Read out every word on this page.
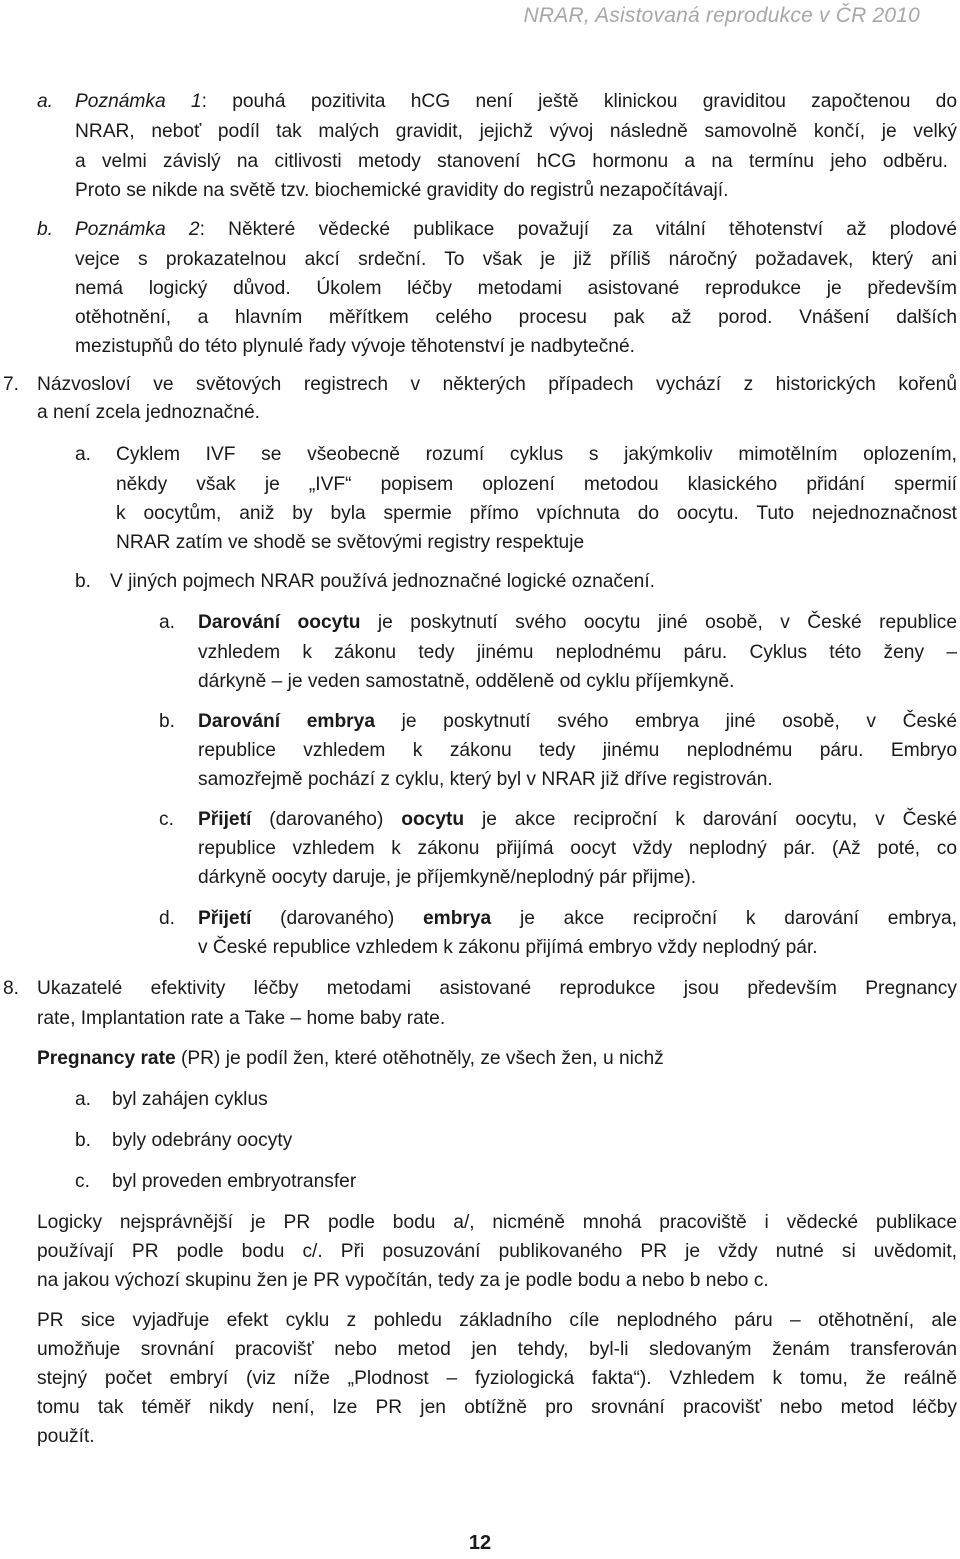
NRAR, Asistovaná reprodukce v ČR 2010
a. Poznámka 1: pouhá pozitivita hCG není ještě klinickou graviditou započtenou do
NRAR, neboť podíl tak malých gravidit, jejichž vývoj následně samovolně končí, je velký
a velmi závislý na citlivosti metody stanovení hCG hormonu a na termínu jeho odběru.
Proto se nikde na světě tzv. biochemické gravidity do registrů nezapočítávají.
b. Poznámka 2: Některé vědecké publikace považují za vitální těhotenství až plodové
vejce s prokazatelnou akcí srdeční. To však je již příliš náročný požadavek, který ani
nemá logický důvod. Úkolem léčby metodami asistované reprodukce je především
otěhotnění, a hlavním měřítkem celého procesu pak až porod. Vnášení dalších
mezistupňů do této plynulé řady vývoje těhotenství je nadbytečné.
7. Názvosloví ve světových registrech v některých případech vychází z historických kořenů
a není zcela jednoznačné.
a. Cyklem IVF se všeobecně rozumí cyklus s jakýmkoliv mimotělním oplozením,
někdy však je „IVF“ popisem oplození metodou klasického přidání spermií
k oocytům, aniž by byla spermie přímo vpíchnuta do oocytu. Tuto nejednoznačnost
NRAR zatím ve shodě se světovými registry respektuje
b. V jiných pojmech NRAR používá jednoznačné logické označení.
a. Darování oocytu je poskytnutí svého oocytu jiné osobě, v České republice
vzhledem k zákonu tedy jinému neplodnému páru. Cyklus této ženy –
dárkyně – je veden samostatně, odděleně od cyklu příjemkyně.
b. Darování embrya je poskytnutí svého embrya jiné osobě, v České
republice vzhledem k zákonu tedy jinému neplodnému páru. Embryo
samozřejmě pochází z cyklu, který byl v NRAR již dříve registrován.
c. Přijetí (darovaného) oocytu je akce reciproční k darování oocytu, v České
republice vzhledem k zákonu přijímá oocyt vždy neplodný pár. (Až poté, co
dárkyně oocyty daruje, je příjemkyně/neplodný pár přijme).
d. Přijetí (darovaného) embrya je akce reciproční k darování embrya,
v České republice vzhledem k zákonu přijímá embryo vždy neplodný pár.
8. Ukazatelé efektivity léčby metodami asistované reprodukce jsou především Pregnancy
rate, Implantation rate a Take – home baby rate.
Pregnancy rate (PR) je podíl žen, které otěhotněly, ze všech žen, u nichž
a. byl zahájen cyklus
b. byly odebrány oocyty
c. byl proveden embryotransfer
Logicky nejsprávnější je PR podle bodu a/, nicméně mnohá pracoviště i vědecké publikace
používají PR podle bodu c/. Při posuzování publikovaného PR je vždy nutné si uvědomit,
na jakou výchozí skupinu žen je PR vypočítán, tedy za je podle bodu a nebo b nebo c.
PR sice vyjadřuje efekt cyklu z pohledu základního cíle neplodného páru – otěhotnění, ale
umožňuje srovnání pracovišť nebo metod jen tehdy, byl-li sledovaným ženám transferován
stejný počet embryí (viz níže „Plodnost – fyziologická fakta“). Vzhledem k tomu, že reálně
tomu tak téměř nikdy není, lze PR jen obtížně pro srovnání pracovišť nebo metod léčby
použít.
12
